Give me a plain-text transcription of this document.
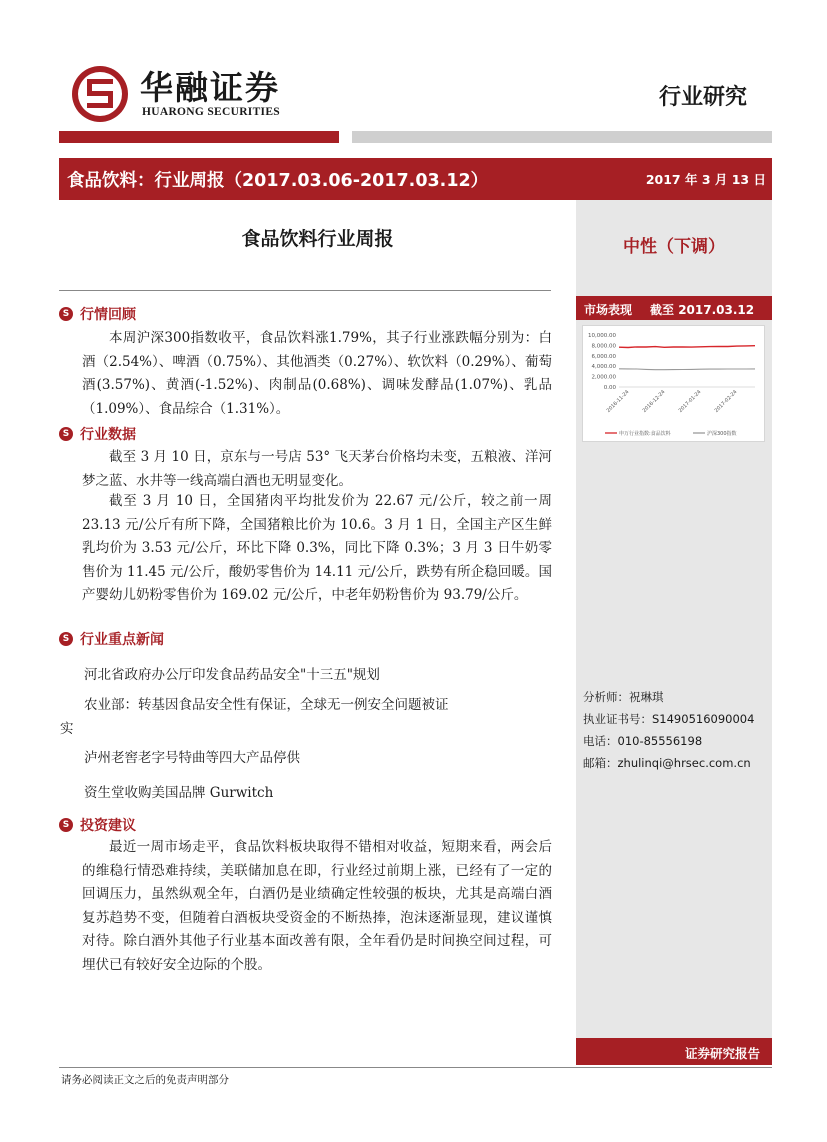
华融证券
HUARONG SECURITIES
行业研究
食品饮料：行业周报（2017.03.06-2017.03.12）	2017 年 3 月 13 日
中性（下调）
市场表现 截至 2017.03.12
10,000.00
8,000.00
6,000.00
4,000.00
2,000.00
0.00
2016-11-24 2016-12-24 2017-01-24 2017-02-24
申万行业指数:食品饮料	沪深300指数
分析师：祝琳琪
执业证书号：S1490516090004
电话：010-85556198
邮箱：zhulinqi@hrsec.com.cn
证券研究报告
食品饮料行业周报
S 行情回顾
本周沪深300指数收平，食品饮料涨1.79%，其子行业涨跌幅分别为：白酒（2.54%）、啤酒（0.75%）、其他酒类（0.27%）、软饮料（0.29%）、葡萄酒(3.57%)、黄酒(-1.52%)、肉制品(0.68%)、调味发酵品(1.07%)、乳品（1.09%）、食品综合（1.31%）。
S 行业数据
截至 3 月 10 日，京东与一号店 53° 飞天茅台价格均未变，五粮液、洋河梦之蓝、水井等一线高端白酒也无明显变化。
截至 3 月 10 日，全国猪肉平均批发价为 22.67 元/公斤，较之前一周 23.13 元/公斤有所下降，全国猪粮比价为 10.6。3 月 1 日，全国主产区生鲜乳均价为 3.53 元/公斤，环比下降 0.3%，同比下降 0.3%；3 月 3 日牛奶零售价为 11.45 元/公斤，酸奶零售价为 14.11 元/公斤，跌势有所企稳回暖。国产婴幼儿奶粉零售价为 169.02 元/公斤，中老年奶粉售价为 93.79/公斤。
S 行业重点新闻
河北省政府办公厅印发食品药品安全"十三五"规划
农业部：转基因食品安全性有保证，全球无一例安全问题被证
实
泸州老窖老字号特曲等四大产品停供
资生堂收购美国品牌 Gurwitch
S 投资建议
最近一周市场走平，食品饮料板块取得不错相对收益，短期来看，两会后的维稳行情恐难持续，美联储加息在即，行业经过前期上涨，已经有了一定的回调压力，虽然纵观全年，白酒仍是业绩确定性较强的板块，尤其是高端白酒复苏趋势不变，但随着白酒板块受资金的不断热捧，泡沫逐渐显现，建议谨慎对待。除白酒外其他子行业基本面改善有限，全年看仍是时间换空间过程，可埋伏已有较好安全边际的个股。
请务必阅读正文之后的免责声明部分
